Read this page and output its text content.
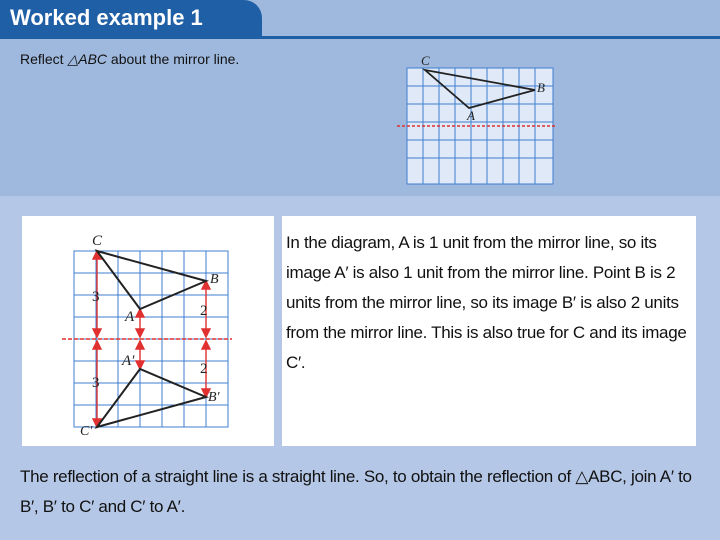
Worked example 1
Reflect △ABC about the mirror line.	C
B
A
C
B
A
A′
B′
C′
3
2
2
3
In the diagram, A is 1 unit from the mirror line, so its image A′ is also 1 unit from the mirror line. Point B is 2 units from the mirror line, so its image B′ is also 2 units from the mirror line. This is also true for C and its image C′.
The reflection of a straight line is a straight line. So, to obtain the reflection of △ABC, join A′ to B′, B′ to C′ and C′ to A′.
